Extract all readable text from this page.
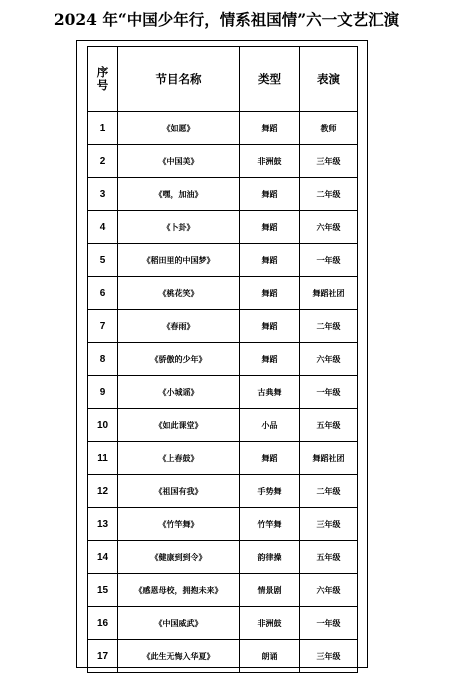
2024 年“中国少年行，情系祖国情”六一文艺汇演
序
号	节目名称	类型	表演
1	《如愿》	舞蹈	教师
2	《中国美》	非洲鼓	三年级
3	《嘿，加油》	舞蹈	二年级
4	《卜卦》	舞蹈	六年级
5	《稻田里的中国梦》	舞蹈	一年级
6	《桃花笑》	舞蹈	舞蹈社团
7	《春雨》	舞蹈	二年级
8	《骄傲的少年》	舞蹈	六年级
9	《小城谣》	古典舞	一年级
10	《如此课堂》	小品	五年级
11	《上春鼓》	舞蹈	舞蹈社团
12	《祖国有我》	手势舞	二年级
13	《竹竿舞》	竹竿舞	三年级
14	《健康到到令》	韵律操	五年级
15	《感恩母校，拥抱未来》	情景剧	六年级
16	《中国威武》	非洲鼓	一年级
17	《此生无悔入华夏》	朗诵	三年级
